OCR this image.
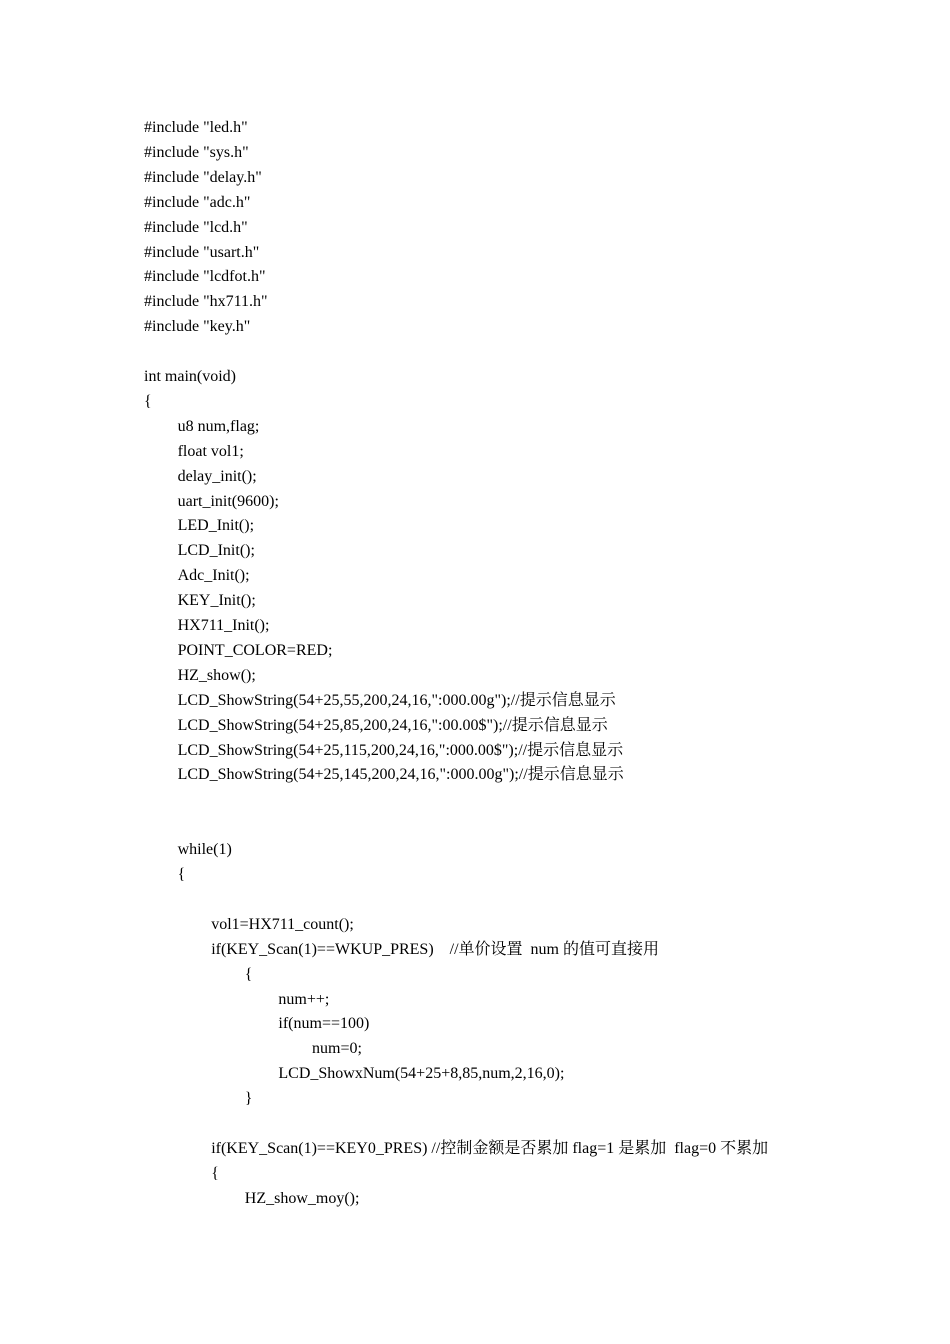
#include "led.h"
#include "sys.h"
#include "delay.h"
#include "adc.h"
#include "lcd.h"
#include "usart.h"
#include "lcdfot.h"
#include "hx711.h"
#include "key.h"
int main(void)
{
u8 num,flag;
float vol1;
delay_init();
uart_init(9600);
LED_Init();
LCD_Init();
Adc_Init();
KEY_Init();
HX711_Init();
POINT_COLOR=RED;
HZ_show();
LCD_ShowString(54+25,55,200,24,16,":000.00g");//提示信息显示
LCD_ShowString(54+25,85,200,24,16,":00.00$");//提示信息显示
LCD_ShowString(54+25,115,200,24,16,":000.00$");//提示信息显示
LCD_ShowString(54+25,145,200,24,16,":000.00g");//提示信息显示
while(1)
{
vol1=HX711_count();
if(KEY_Scan(1)==WKUP_PRES)    //单价设置  num 的值可直接用
{
num++;
if(num==100)
num=0;
LCD_ShowxNum(54+25+8,85,num,2,16,0);
}
if(KEY_Scan(1)==KEY0_PRES) //控制金额是否累加 flag=1 是累加  flag=0 不累加
{
HZ_show_moy();
